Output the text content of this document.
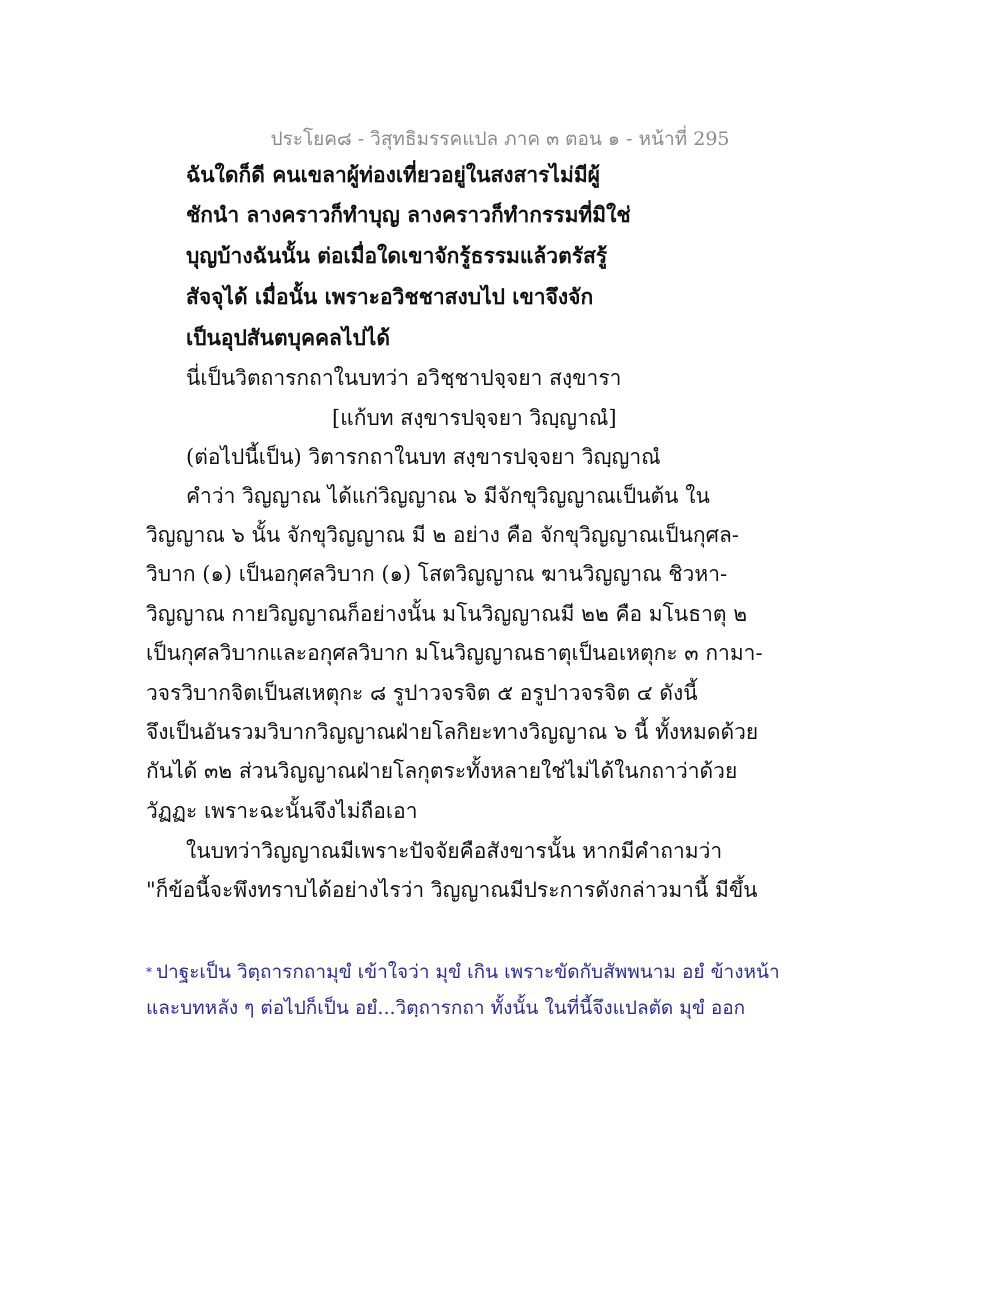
ประโยค๘ - วิสุทธิมรรคแปล ภาค ๓ ตอน ๑ - หน้าที่ 295
ฉันใดก็ดี คนเขลาผู้ท่องเที่ยวอยู่ในสงสารไม่มีผู้
ชักนำ ลางคราวก็ทำบุญ ลางคราวก็ทำกรรมที่มิใช่
บุญบ้างฉันนั้น ต่อเมื่อใดเขาจักรู้ธรรมแล้วตรัสรู้
สัจจุได้ เมื่อนั้น เพราะอวิชชาสงบไป เขาจึงจัก
เป็นอุปสันตบุคคลไปได้
นี่เป็นวิตถารกถาในบทว่า อวิชฺชาปจฺจยา สงฺขารา
[แก้บท สงฺขารปจฺจยา วิญฺญาณํ]
(ต่อไปนี้เป็น) วิตารกถาในบท สงฺขารปจฺจยา วิญฺญาณํ
คำว่า วิญญาณ ได้แก่วิญญาณ ๖ มีจักขุวิญญาณเป็นต้น ใน
วิญญาณ ๖ นั้น จักขุวิญญาณ มี ๒ อย่าง คือ จักขุวิญญาณเป็นกุศล-
วิบาก (๑) เป็นอกุศลวิบาก (๑) โสตวิญญาณ ฆานวิญญาณ ชิวหา-
วิญญาณ กายวิญญาณก็อย่างนั้น มโนวิญญาณมี ๒๒ คือ มโนธาตุ ๒
เป็นกุศลวิบากและอกุศลวิบาก มโนวิญญาณธาตุเป็นอเหตุกะ ๓ กามา-
วจรวิบากจิตเป็นสเหตุกะ ๘ รูปาวจรจิต ๕ อรูปาวจรจิต ๔ ดังนี้
จึงเป็นอันรวมวิบากวิญญาณฝ่ายโลกิยะทางวิญญาณ ๖ นี้ ทั้งหมดด้วย
กันได้ ๓๒ ส่วนวิญญาณฝ่ายโลกุตระทั้งหลายใช่ไม่ได้ในกถาว่าด้วย
วัฏฏะ เพราะฉะนั้นจึงไม่ถือเอา
ในบทว่าวิญญาณมีเพราะปัจจัยคือสังขารนั้น หากมีคำถามว่า
"ก็ข้อนี้จะพึงทราบได้อย่างไรว่า วิญญาณมีประการดังกล่าวมานี้ มีขึ้น
* ปาฐะเป็น วิตฺถารกถามุขํ เข้าใจว่า มุขํ เกิน เพราะขัดกับสัพพนาม อยํ ข้างหน้า
และบทหลัง ๆ ต่อไปก็เป็น อยํ...วิตฺถารกถา ทั้งนั้น ในที่นี้จึงแปลตัด มุขํ ออก
